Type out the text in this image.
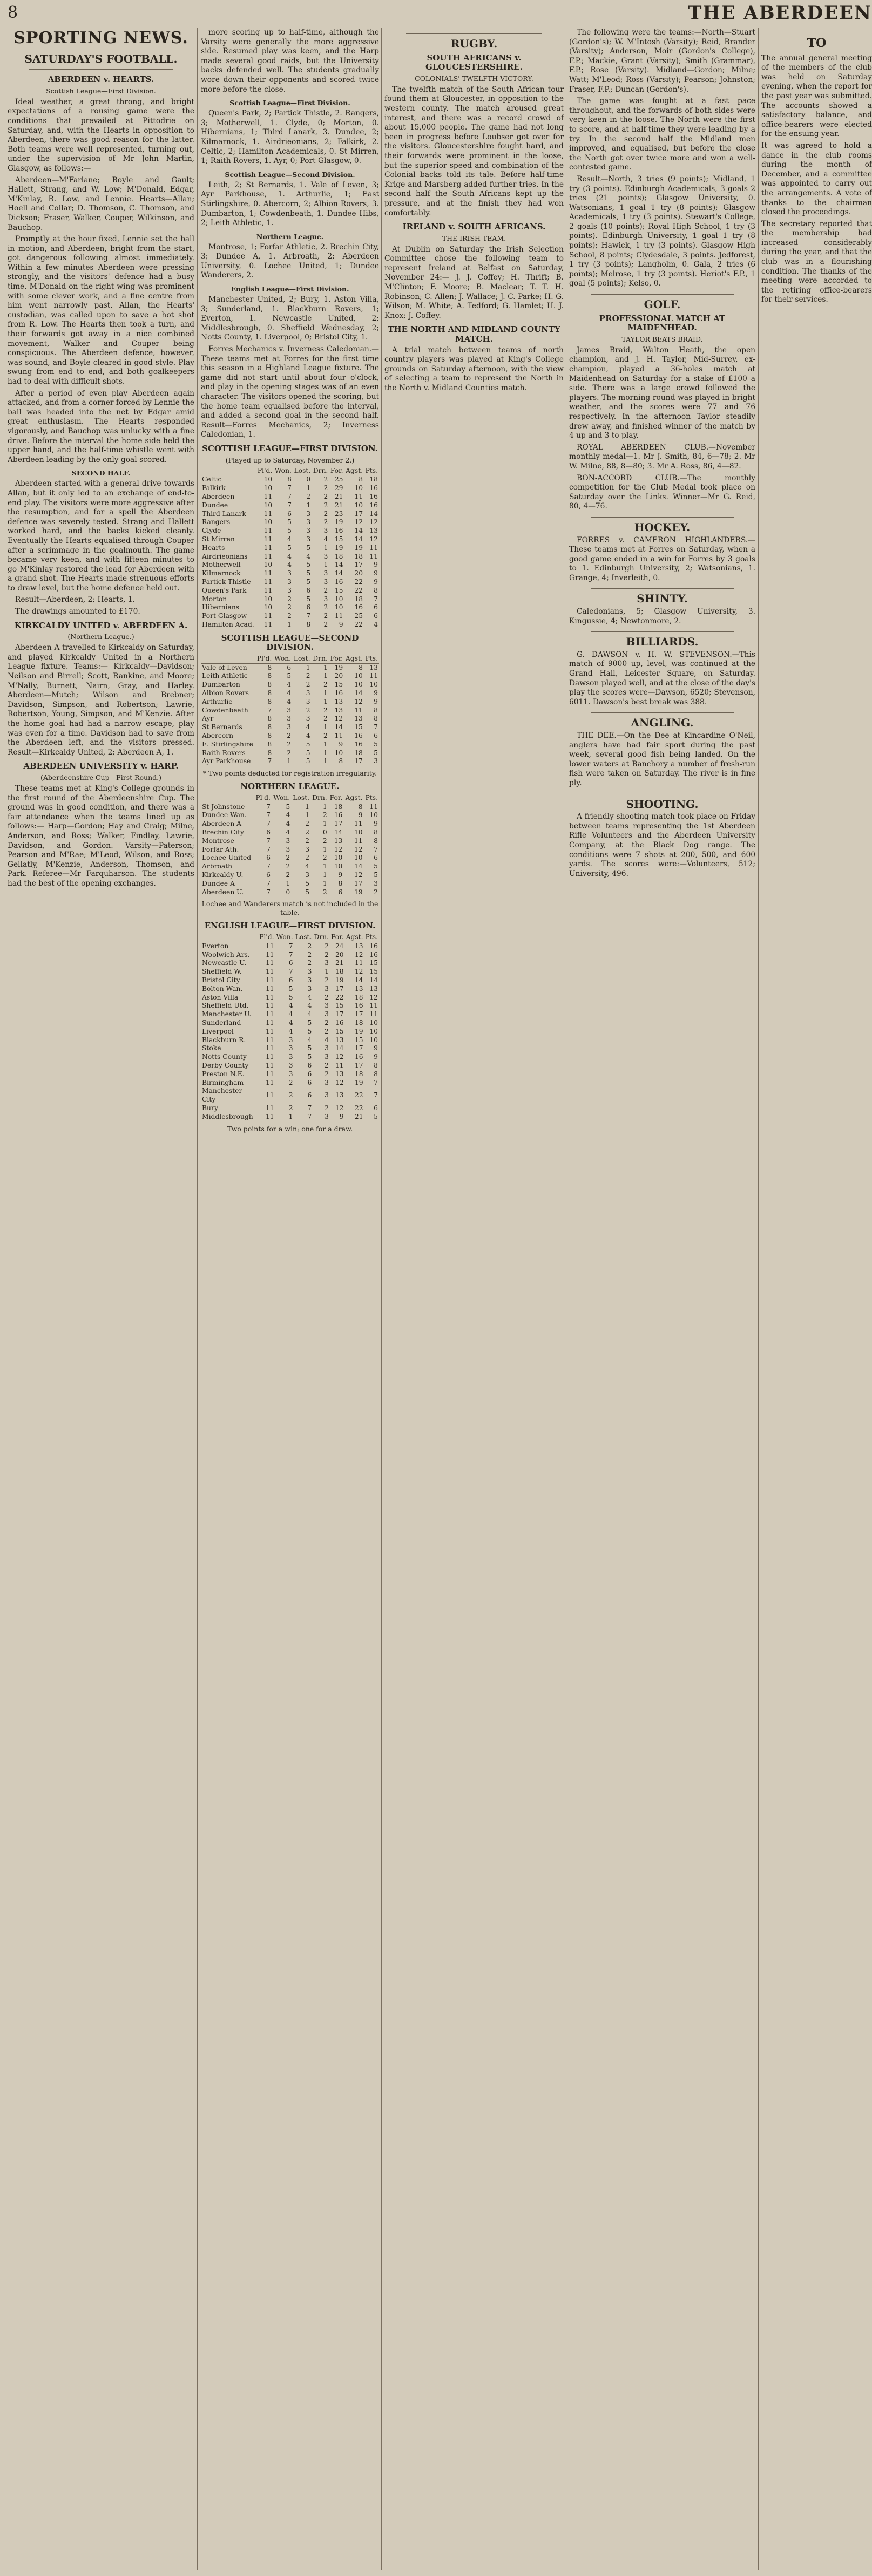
8	THE ABERDEEN
SPORTING NEWS.
SATURDAY'S FOOTBALL.
ABERDEEN v. HEARTS.
Scottish League—First Division.

Ideal weather, a great throng, and bright expectations of a rousing game were the conditions that prevailed at Pittodrie on Saturday, and, with the Hearts in opposition to Aberdeen, there was good reason for the latter. Both teams were well represented, turning out, under the supervision of Mr John Martin, Glasgow, as follows:—

Aberdeen—M'Farlane; Boyle and Gault; Hallett, Strang, and W. Low; M'Donald, Edgar, M'Kinlay, R. Low, and Lennie. Hearts—Allan; Hoell and Collar; D. Thomson, C. Thomson, and Dickson; Fraser, Walker, Couper, Wilkinson, and Bauchop.

Promptly at the hour fixed, Lennie set the ball in motion, and Aberdeen, bright from the start, got dangerous following almost immediately. Within a few minutes Aberdeen were pressing strongly, and the visitors' defence had a busy time. M'Donald on the right wing was prominent with some clever work, and a fine centre from him went narrowly past. Allan, the Hearts' custodian, was called upon to save a hot shot from R. Low. The Hearts then took a turn, and their forwards got away in a nice combined movement, Walker and Couper being conspicuous. The Aberdeen defence, however, was sound, and Boyle cleared in good style. Play swung from end to end, and both goalkeepers had to deal with difficult shots.

After a period of even play Aberdeen again attacked, and from a corner forced by Lennie the ball was headed into the net by Edgar amid great enthusiasm. The Hearts responded vigorously, and Bauchop was unlucky with a fine drive. Before the interval the home side held the upper hand, and the half-time whistle went with Aberdeen leading by the only goal scored.

SECOND HALF.

Aberdeen started with a general drive towards Allan, but it only led to an exchange of end-to-end play. The visitors were more aggressive after the resumption, and for a spell the Aberdeen defence was severely tested. Strang and Hallett worked hard, and the backs kicked cleanly. Eventually the Hearts equalised through Couper after a scrimmage in the goalmouth. The game became very keen, and with fifteen minutes to go M'Kinlay restored the lead for Aberdeen with a grand shot. The Hearts made strenuous efforts to draw level, but the home defence held out.

Result—Aberdeen, 2; Hearts, 1.

The drawings amounted to £170.

KIRKCALDY UNITED v. ABERDEEN A.
(Northern League.)

Aberdeen A travelled to Kirkcaldy on Saturday, and played Kirkcaldy United in a Northern League fixture. Teams:— Kirkcaldy—Davidson; Neilson and Birrell; Scott, Rankine, and Moore; M'Nally, Burnett, Nairn, Gray, and Harley. Aberdeen—Mutch; Wilson and Brebner; Davidson, Simpson, and Robertson; Lawrie, Robertson, Young, Simpson, and M'Kenzie. After the home goal had had a narrow escape, play was even for a time. Davidson had to save from the Aberdeen left, and the visitors pressed. Result—Kirkcaldy United, 2; Aberdeen A, 1.

ABERDEEN UNIVERSITY v. HARP.
(Aberdeenshire Cup—First Round.)

These teams met at King's College grounds in the first round of the Aberdeenshire Cup. The ground was in good condition, and there was a fair attendance when the teams lined up as follows:— Harp—Gordon; Hay and Craig; Milne, Anderson, and Ross; Walker, Findlay, Lawrie, Davidson, and Gordon. Varsity—Paterson; Pearson and M'Rae; M'Leod, Wilson, and Ross; Gellatly, M'Kenzie, Anderson, Thomson, and Park. Referee—Mr Farquharson. The students had the best of the opening exchanges.

more scoring up to half-time, although the Varsity were generally the more aggressive side. Resumed play was keen, and the Harp made several good raids, but the University backs defended well. The students gradually wore down their opponents and scored twice more before the close.

Scottish League—First Division.

Queen's Park, 2; Partick Thistle, 2. Rangers, 3; Motherwell, 1. Clyde, 0; Morton, 0. Hibernians, 1; Third Lanark, 3. Dundee, 2; Kilmarnock, 1. Airdrieonians, 2; Falkirk, 2. Celtic, 2; Hamilton Academicals, 0. St Mirren, 1; Raith Rovers, 1. Ayr, 0; Port Glasgow, 0.

Scottish League—Second Division.

Leith, 2; St Bernards, 1. Vale of Leven, 3; Ayr Parkhouse, 1. Arthurlie, 1; East Stirlingshire, 0. Abercorn, 2; Albion Rovers, 3. Dumbarton, 1; Cowdenbeath, 1. Dundee Hibs, 2; Leith Athletic, 1.

Northern League.

Montrose, 1; Forfar Athletic, 2. Brechin City, 3; Dundee A, 1. Arbroath, 2; Aberdeen University, 0. Lochee United, 1; Dundee Wanderers, 2.

English League—First Division.

Manchester United, 2; Bury, 1. Aston Villa, 3; Sunderland, 1. Blackburn Rovers, 1; Everton, 1. Newcastle United, 2; Middlesbrough, 0. Sheffield Wednesday, 2; Notts County, 1. Liverpool, 0; Bristol City, 1.

Forres Mechanics v. Inverness Caledonian.—These teams met at Forres for the first time this season in a Highland League fixture. The game did not start until about four o'clock, and play in the opening stages was of an even character. The visitors opened the scoring, but the home team equalised before the interval, and added a second goal in the second half. Result—Forres Mechanics, 2; Inverness Caledonian, 1.

SCOTTISH LEAGUE—FIRST DIVISION.
(Played up to Saturday, November 2.)
	Pl'd.	Won.	Lost.	Drn.	For.	Agst.	Pts.
Celtic	10	8	0	2	25	8	18
Falkirk	10	7	1	2	29	10	16
Aberdeen	11	7	2	2	21	11	16
Dundee	10	7	1	2	21	10	16
Third Lanark	11	6	3	2	23	17	14
Rangers	10	5	3	2	19	12	12
Clyde	11	5	3	3	16	14	13
St Mirren	11	4	3	4	15	14	12
Hearts	11	5	5	1	19	19	11
Airdrieonians	11	4	4	3	18	18	11
Motherwell	10	4	5	1	14	17	9
Kilmarnock	11	3	5	3	14	20	9
Partick Thistle	11	3	5	3	16	22	9
Queen's Park	11	3	6	2	15	22	8
Morton	10	2	5	3	10	18	7
Hibernians	10	2	6	2	10	16	6
Port Glasgow	11	2	7	2	11	25	6
Hamilton Acad.	11	1	8	2	9	22	4
SCOTTISH LEAGUE—SECOND DIVISION.
	Pl'd.	Won.	Lost.	Drn.	For.	Agst.	Pts.
Vale of Leven	8	6	1	1	19	8	13
Leith Athletic	8	5	2	1	20	10	11
Dumbarton	8	4	2	2	15	10	10
Albion Rovers	8	4	3	1	16	14	9
Arthurlie	8	4	3	1	13	12	9
Cowdenbeath	7	3	2	2	13	11	8
Ayr	8	3	3	2	12	13	8
St Bernards	8	3	4	1	14	15	7
Abercorn	8	2	4	2	11	16	6
E. Stirlingshire	8	2	5	1	9	16	5
Raith Rovers	8	2	5	1	10	18	5
Ayr Parkhouse	7	1	5	1	8	17	3
* Two points deducted for registration irregularity.
NORTHERN LEAGUE.
	Pl'd.	Won.	Lost.	Drn.	For.	Agst.	Pts.
St Johnstone	7	5	1	1	18	8	11
Dundee Wan.	7	4	1	2	16	9	10
Aberdeen A	7	4	2	1	17	11	9
Brechin City	6	4	2	0	14	10	8
Montrose	7	3	2	2	13	11	8
Forfar Ath.	7	3	3	1	12	12	7
Lochee United	6	2	2	2	10	10	6
Arbroath	7	2	4	1	10	14	5
Kirkcaldy U.	6	2	3	1	9	12	5
Dundee A	7	1	5	1	8	17	3
Aberdeen U.	7	0	5	2	6	19	2
Lochee and Wanderers match is not included in the table.
ENGLISH LEAGUE—FIRST DIVISION.
	Pl'd.	Won.	Lost.	Drn.	For.	Agst.	Pts.
Everton	11	7	2	2	24	13	16
Woolwich Ars.	11	7	2	2	20	12	16
Newcastle U.	11	6	2	3	21	11	15
Sheffield W.	11	7	3	1	18	12	15
Bristol City	11	6	3	2	19	14	14
Bolton Wan.	11	5	3	3	17	13	13
Aston Villa	11	5	4	2	22	18	12
Sheffield Utd.	11	4	4	3	15	16	11
Manchester U.	11	4	4	3	17	17	11
Sunderland	11	4	5	2	16	18	10
Liverpool	11	4	5	2	15	19	10
Blackburn R.	11	3	4	4	13	15	10
Stoke	11	3	5	3	14	17	9
Notts County	11	3	5	3	12	16	9
Derby County	11	3	6	2	11	17	8
Preston N.E.	11	3	6	2	13	18	8
Birmingham	11	2	6	3	12	19	7
Manchester City	11	2	6	3	13	22	7
Bury	11	2	7	2	12	22	6
Middlesbrough	11	1	7	3	9	21	5
Two points for a win; one for a draw.
RUGBY.
SOUTH AFRICANS v. GLOUCESTERSHIRE.
COLONIALS' TWELFTH VICTORY.

The twelfth match of the South African tour found them at Gloucester, in opposition to the western county. The match aroused great interest, and there was a record crowd of about 15,000 people. The game had not long been in progress before Loubser got over for the visitors. Gloucestershire fought hard, and their forwards were prominent in the loose, but the superior speed and combination of the Colonial backs told its tale. Before half-time Krige and Marsberg added further tries. In the second half the South Africans kept up the pressure, and at the finish they had won comfortably.

IRELAND v. SOUTH AFRICANS.
THE IRISH TEAM.

At Dublin on Saturday the Irish Selection Committee chose the following team to represent Ireland at Belfast on Saturday, November 24:— J. J. Coffey; H. Thrift; B. M'Clinton; F. Moore; B. Maclear; T. T. H. Robinson; C. Allen; J. Wallace; J. C. Parke; H. G. Wilson; M. White; A. Tedford; G. Hamlet; H. J. Knox; J. Coffey.

THE NORTH AND MIDLAND COUNTY MATCH.

A trial match between teams of north country players was played at King's College grounds on Saturday afternoon, with the view of selecting a team to represent the North in the North v. Midland Counties match.

The following were the teams:—North—Stuart (Gordon's); W. M'Intosh (Varsity); Reid, Brander (Varsity); Anderson, Moir (Gordon's College), F.P.; Mackie, Grant (Varsity); Smith (Grammar), F.P.; Rose (Varsity). Midland—Gordon; Milne; Watt; M'Leod; Ross (Varsity); Pearson; Johnston; Fraser, F.P.; Duncan (Gordon's).

The game was fought at a fast pace throughout, and the forwards of both sides were very keen in the loose. The North were the first to score, and at half-time they were leading by a try. In the second half the Midland men improved, and equalised, but before the close the North got over twice more and won a well-contested game.

Result—North, 3 tries (9 points); Midland, 1 try (3 points). Edinburgh Academicals, 3 goals 2 tries (21 points); Glasgow University, 0. Watsonians, 1 goal 1 try (8 points); Glasgow Academicals, 1 try (3 points). Stewart's College, 2 goals (10 points); Royal High School, 1 try (3 points). Edinburgh University, 1 goal 1 try (8 points); Hawick, 1 try (3 points). Glasgow High School, 8 points; Clydesdale, 3 points. Jedforest, 1 try (3 points); Langholm, 0. Gala, 2 tries (6 points); Melrose, 1 try (3 points). Heriot's F.P., 1 goal (5 points); Kelso, 0.

GOLF.
PROFESSIONAL MATCH AT MAIDENHEAD.
TAYLOR BEATS BRAID.

James Braid, Walton Heath, the open champion, and J. H. Taylor, Mid-Surrey, ex-champion, played a 36-holes match at Maidenhead on Saturday for a stake of £100 a side. There was a large crowd followed the players. The morning round was played in bright weather, and the scores were 77 and 76 respectively. In the afternoon Taylor steadily drew away, and finished winner of the match by 4 up and 3 to play.

ROYAL ABERDEEN CLUB.—November monthly medal—1. Mr J. Smith, 84, 6—78; 2. Mr W. Milne, 88, 8—80; 3. Mr A. Ross, 86, 4—82.

BON-ACCORD CLUB.—The monthly competition for the Club Medal took place on Saturday over the Links. Winner—Mr G. Reid, 80, 4—76.

HOCKEY.

FORRES v. CAMERON HIGHLANDERS.—These teams met at Forres on Saturday, when a good game ended in a win for Forres by 3 goals to 1. Edinburgh University, 2; Watsonians, 1. Grange, 4; Inverleith, 0.

SHINTY.

Caledonians, 5; Glasgow University, 3. Kingussie, 4; Newtonmore, 2.

BILLIARDS.

G. DAWSON v. H. W. STEVENSON.—This match of 9000 up, level, was continued at the Grand Hall, Leicester Square, on Saturday. Dawson played well, and at the close of the day's play the scores were—Dawson, 6520; Stevenson, 6011. Dawson's best break was 388.

ANGLING.

THE DEE.—On the Dee at Kincardine O'Neil, anglers have had fair sport during the past week, several good fish being landed. On the lower waters at Banchory a number of fresh-run fish were taken on Saturday. The river is in fine ply.

SHOOTING.

A friendly shooting match took place on Friday between teams representing the 1st Aberdeen Rifle Volunteers and the Aberdeen University Company, at the Black Dog range. The conditions were 7 shots at 200, 500, and 600 yards. The scores were:—Volunteers, 512; University, 496.

TO

The annual general meeting of the members of the club was held on Saturday evening, when the report for the past year was submitted. The accounts showed a satisfactory balance, and office-bearers were elected for the ensuing year.

It was agreed to hold a dance in the club rooms during the month of December, and a committee was appointed to carry out the arrangements. A vote of thanks to the chairman closed the proceedings.

The secretary reported that the membership had increased considerably during the year, and that the club was in a flourishing condition. The thanks of the meeting were accorded to the retiring office-bearers for their services.
